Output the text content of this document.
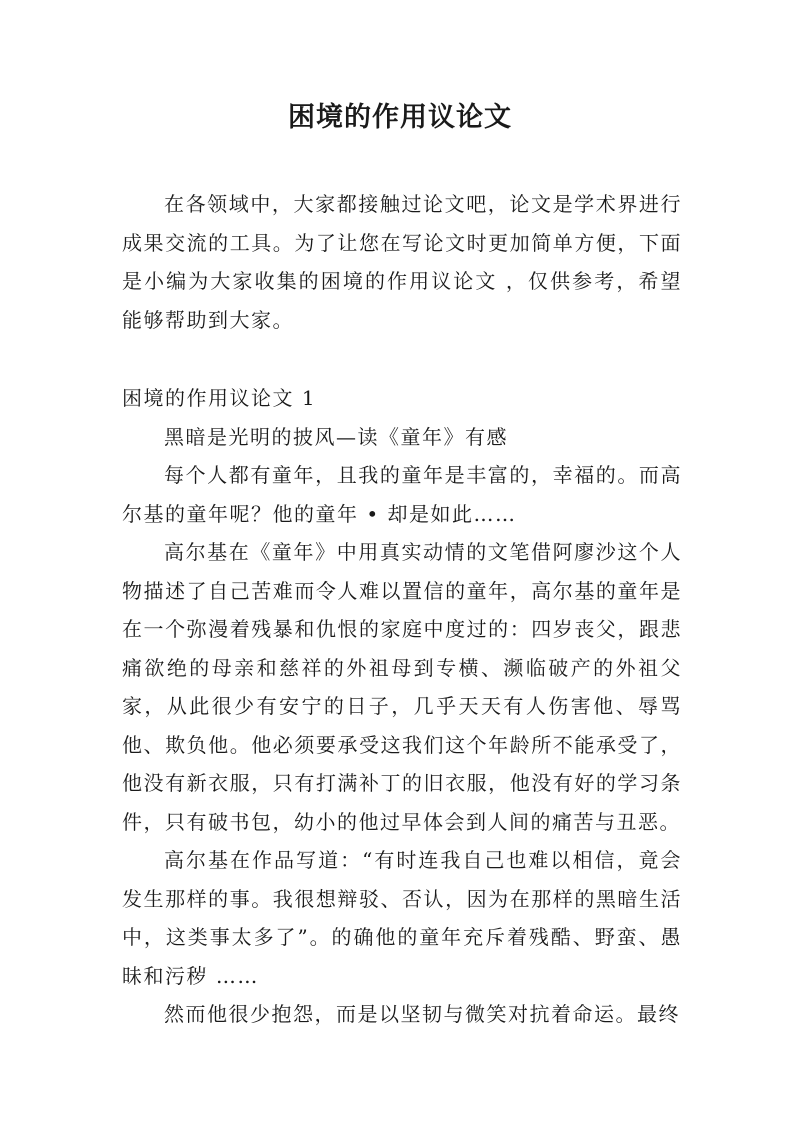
困境的作用议论文

在各领域中，大家都接触过论文吧，论文是学术界进行成果交流的工具。为了让您在写论文时更加简单方便，下面是小编为大家收集的困境的作用议论文 ，仅供参考，希望能够帮助到大家。

困境的作用议论文 1

黑暗是光明的披风—读《童年》有感

每个人都有童年，且我的童年是丰富的，幸福的。而高尔基的童年呢？他的童年 • 却是如此……

高尔基在《童年》中用真实动情的文笔借阿廖沙这个人物描述了自己苦难而令人难以置信的童年，高尔基的童年是在一个弥漫着残暴和仇恨的家庭中度过的：四岁丧父，跟悲痛欲绝的母亲和慈祥的外祖母到专横、濒临破产的外祖父家，从此很少有安宁的日子，几乎天天有人伤害他、辱骂他、欺负他。他必须要承受这我们这个年龄所不能承受了，他没有新衣服，只有打满补丁的旧衣服，他没有好的学习条件，只有破书包，幼小的他过早体会到人间的痛苦与丑恶。

高尔基在作品写道：“有时连我自己也难以相信，竟会发生那样的事。我很想辩驳、否认，因为在那样的黑暗生活中，这类事太多了”。的确他的童年充斥着残酷、野蛮、愚昧和污秽 ……

然而他很少抱怨，而是以坚韧与微笑对抗着命运。最终
